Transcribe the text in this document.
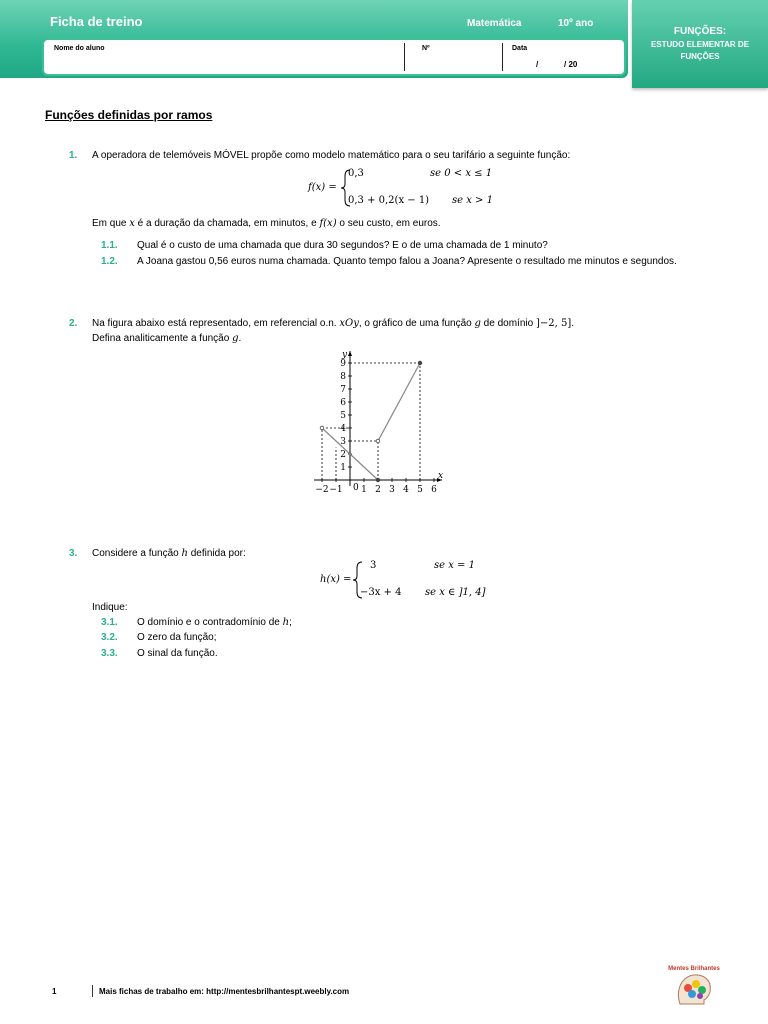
Ficha de treino	Matemática	10º ano
Nome do aluno	Nº	Data
/	/ 20
FUNÇÕES:
ESTUDO ELEMENTAR DE
FUNÇÕES
Funções definidas por ramos
1. A operadora de telemóveis MÓVEL propõe como modelo matemático para o seu tarifário a seguinte função:
f(x) =
0,3	se 0 < x ≤ 1
0,3 + 0,2(x − 1) se x > 1
Em que x é a duração da chamada, em minutos, e f(x) o seu custo, em euros.
1.1. Qual é o custo de uma chamada que dura 30 segundos? E o de uma chamada de 1 minuto?
1.2. A Joana gastou 0,56 euros numa chamada. Quanto tempo falou a Joana? Apresente o resultado me minutos e segundos.
2. Na figura abaixo está representado, em referencial o.n. xOy, o gráfico de uma função g de domínio ]−2, 5].
Defina analiticamente a função g.
−2 −1 1 2 3 4 5 6
1
2
3
4
5
6
7
8
9
0
y
x
3. Considere a função h definida por:
h(x) =
3	se x = 1
−3x + 4 se x ∈ ]1, 4]
Indique:
3.1. O domínio e o contradomínio de h;
3.2. O zero da função;
3.3. O sinal da função.
1	Mais fichas de trabalho em: http://mentesbrilhantespt.weebly.com
Mentes Brilhantes
